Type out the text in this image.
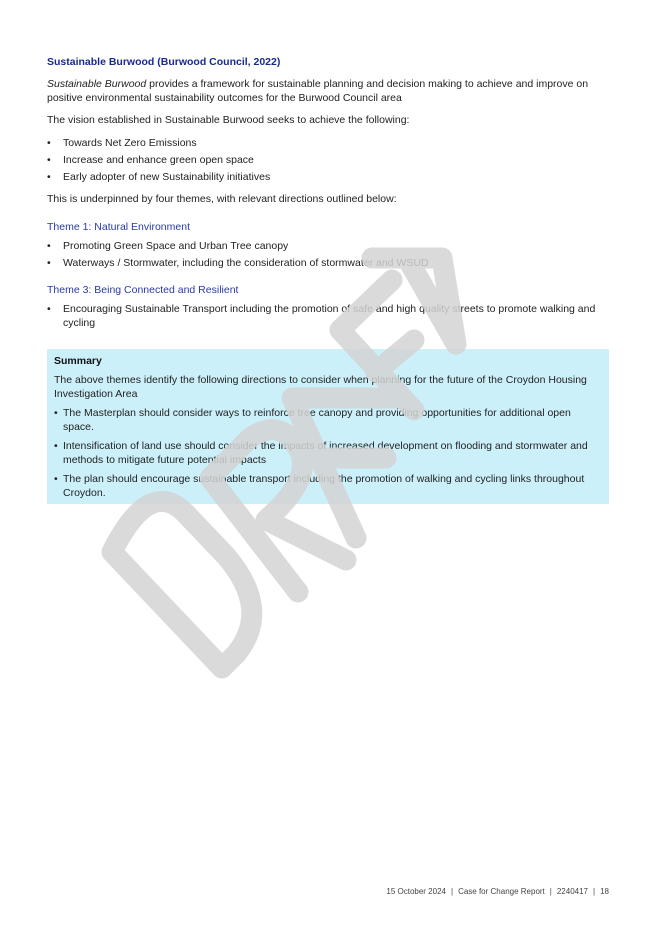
Sustainable Burwood (Burwood Council, 2022)

Sustainable Burwood provides a framework for sustainable planning and decision making to achieve and improve on positive environmental sustainability outcomes for the Burwood Council area

The vision established in Sustainable Burwood seeks to achieve the following:

• Towards Net Zero Emissions
• Increase and enhance green open space
• Early adopter of new Sustainability initiatives

This is underpinned by four themes, with relevant directions outlined below:

Theme 1: Natural Environment

• Promoting Green Space and Urban Tree canopy
• Waterways / Stormwater, including the consideration of stormwater and WSUD

Theme 3: Being Connected and Resilient

• Encouraging Sustainable Transport including the promotion of safe and high quality streets to promote walking and cycling

Summary

The above themes identify the following directions to consider when planning for the future of the Croydon Housing Investigation Area

• The Masterplan should consider ways to reinforce tree canopy and providing opportunities for additional open space.
• Intensification of land use should consider the impacts of increased development on flooding and stormwater and methods to mitigate future potential impacts
• The plan should encourage sustainable transport including the promotion of walking and cycling links throughout Croydon.
15 October 2024 | Case for Change Report | 2240417 | 18
